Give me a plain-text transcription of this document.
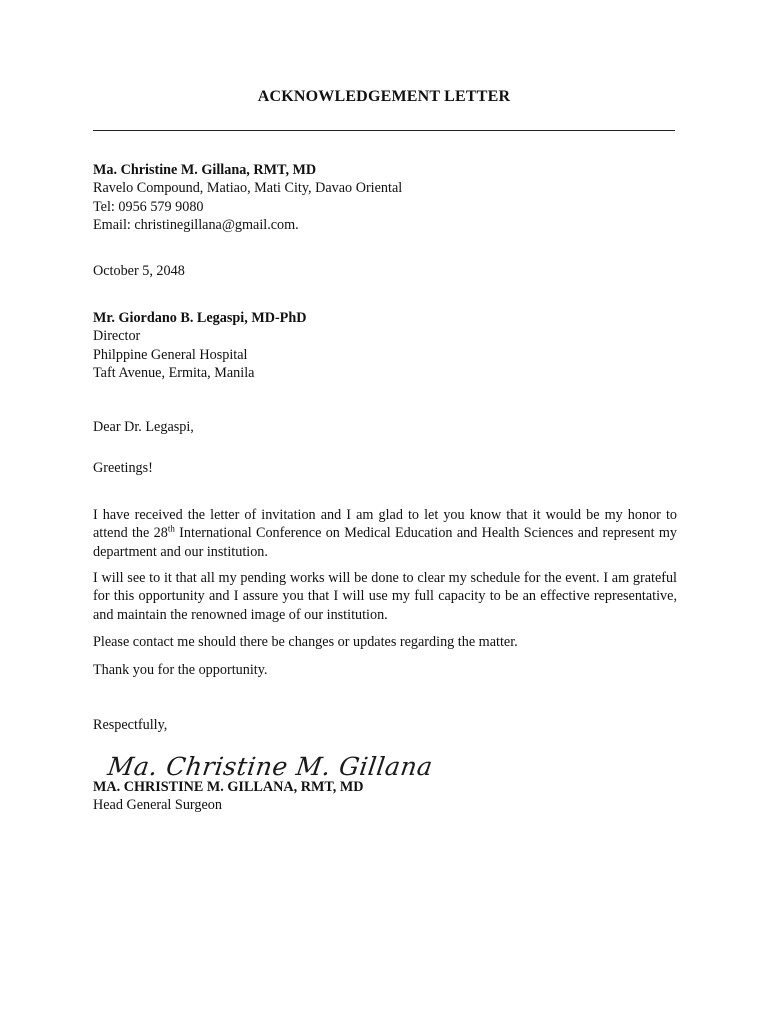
ACKNOWLEDGEMENT LETTER
Ma. Christine M. Gillana, RMT, MD
Ravelo Compound, Matiao, Mati City, Davao Oriental
Tel: 0956 579 9080
Email: christinegillana@gmail.com.
October 5, 2048
Mr. Giordano B. Legaspi, MD-PhD
Director
Philppine General Hospital
Taft Avenue, Ermita, Manila
Dear Dr. Legaspi,
Greetings!

I have received the letter of invitation and I am glad to let you know that it would be my honor to attend the 28th International Conference on Medical Education and Health Sciences and represent my department and our institution.

I will see to it that all my pending works will be done to clear my schedule for the event. I am grateful for this opportunity and I assure you that I will use my full capacity to be an effective representative, and maintain the renowned image of our institution.

Please contact me should there be changes or updates regarding the matter.
Thank you for the opportunity.
Respectfully,
Ma. Christine M. Gillana
MA. CHRISTINE M. GILLANA, RMT, MD
Head General Surgeon
